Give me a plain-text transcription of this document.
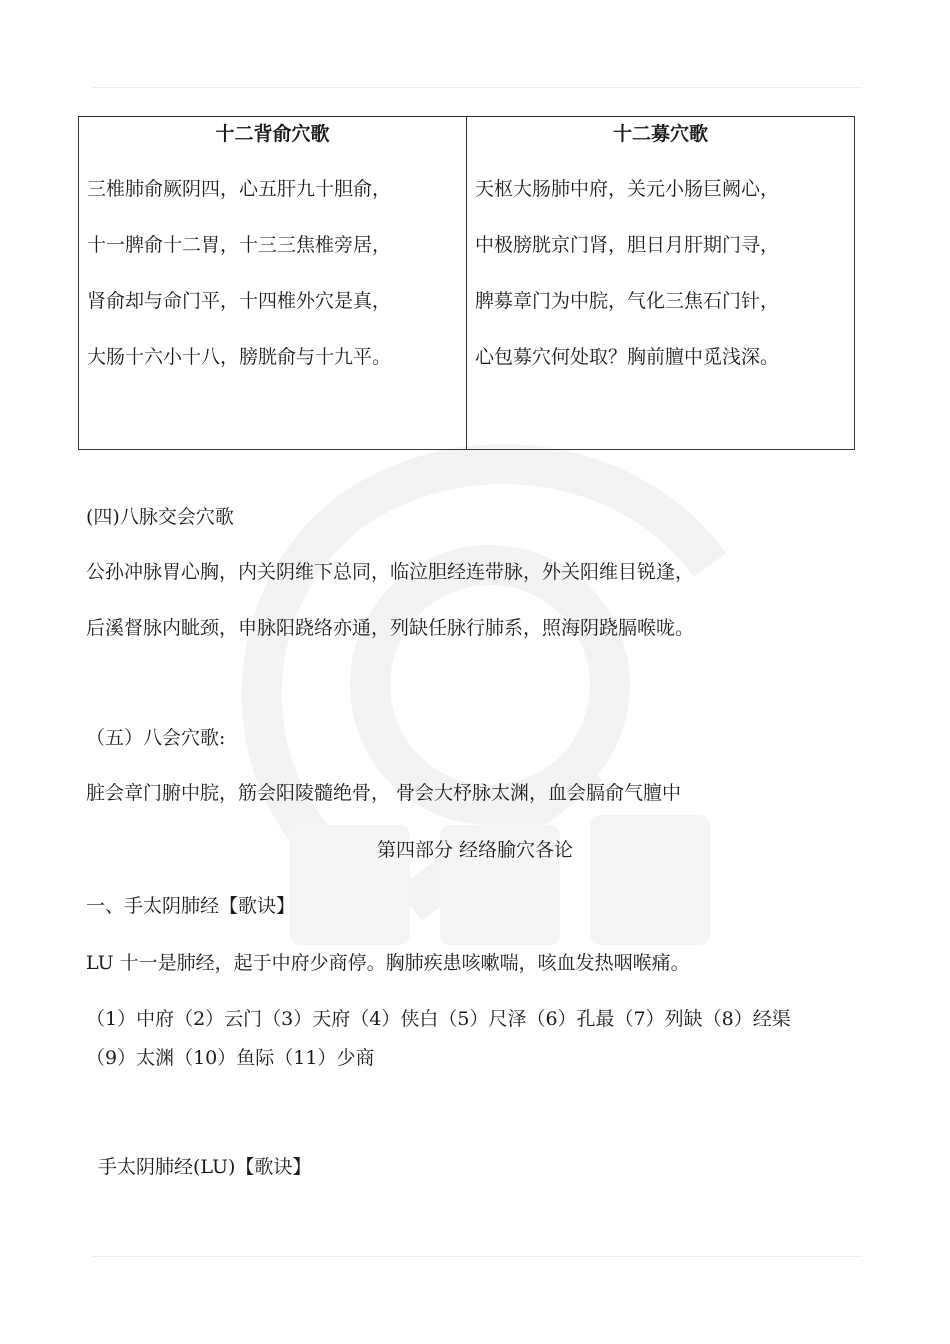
十二背俞穴歌
三椎肺俞厥阴四，心五肝九十胆俞，
十一脾俞十二胃，十三三焦椎旁居，
肾俞却与命门平，十四椎外穴是真，
大肠十六小十八，膀胱俞与十九平。
十二募穴歌
天枢大肠肺中府，关元小肠巨阙心，
中极膀胱京门肾，胆日月肝期门寻，
脾募章门为中脘，气化三焦石门针，
心包募穴何处取？胸前膻中觅浅深。
(四)八脉交会穴歌
公孙冲脉胃心胸，内关阴维下总同，临泣胆经连带脉，外关阳维目锐逢，
后溪督脉内眦颈，申脉阳跷络亦通，列缺任脉行肺系，照海阴跷膈喉咙。
（五）八会穴歌:
脏会章门腑中脘，筋会阳陵髓绝骨， 骨会大杼脉太渊，血会膈俞气膻中
第四部分 经络腧穴各论
一、手太阴肺经【歌诀】
LU 十一是肺经，起于中府少商停。胸肺疾患咳嗽喘，咳血发热咽喉痛。
（1）中府（2）云门（3）天府（4）侠白（5）尺泽（6）孔最（7）列缺（8）经渠
（9）太渊（10）鱼际（11）少商
手太阴肺经(LU)【歌诀】
